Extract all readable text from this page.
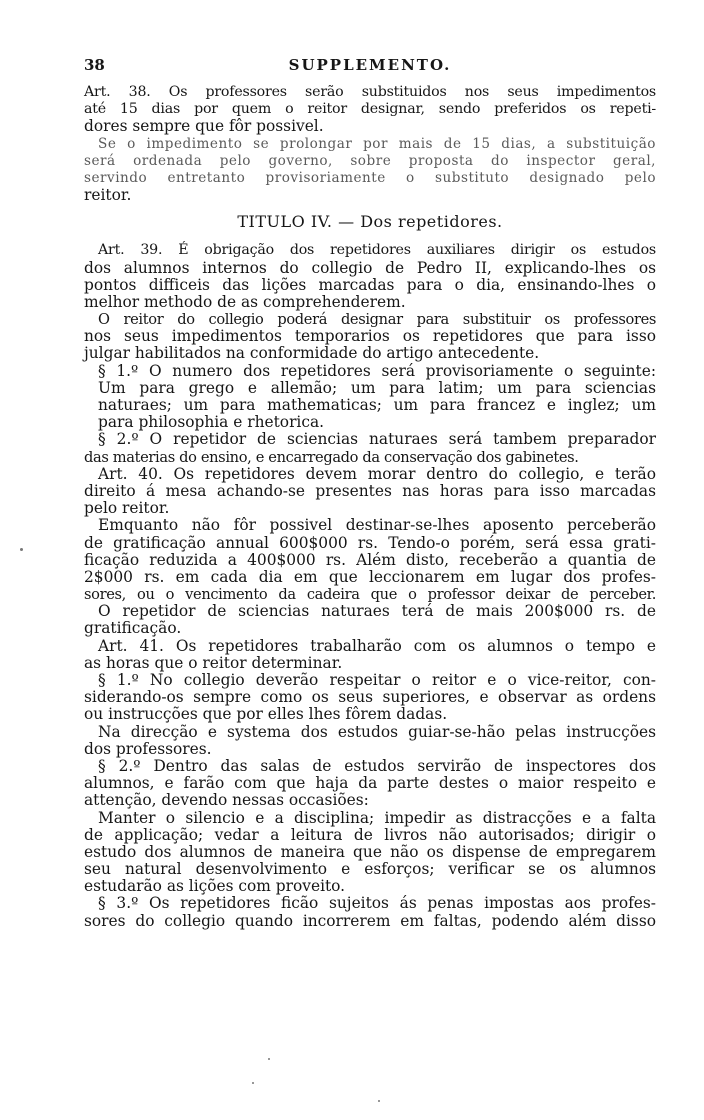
38	SUPPLEMENTO.
Art. 38. Os professores serão substituidos nos seus impedimentos
até 15 dias por quem o reitor designar, sendo preferidos os repeti-
dores sempre que fôr possivel.
Se o impedimento se prolongar por mais de 15 dias, a substituição
será ordenada pelo governo, sobre proposta do inspector geral,
servindo entretanto provisoriamente o substituto designado pelo
reitor.
TITULO IV. — Dos repetidores.
Art. 39. É obrigação dos repetidores auxiliares dirigir os estudos
dos alumnos internos do collegio de Pedro II, explicando-lhes os
pontos difficeis das lições marcadas para o dia, ensinando-lhes o
melhor methodo de as comprehenderem.
O reitor do collegio poderá designar para substituir os professores
nos seus impedimentos temporarios os repetidores que para isso
julgar habilitados na conformidade do artigo antecedente.
§ 1.º O numero dos repetidores será provisoriamente o seguinte:
Um para grego e allemão; um para latim; um para sciencias
naturaes; um para mathematicas; um para francez e inglez; um
para philosophia e rhetorica.
§ 2.º O repetidor de sciencias naturaes será tambem preparador
das materias do ensino, e encarregado da conservação dos gabinetes.
Art. 40. Os repetidores devem morar dentro do collegio, e terão
direito á mesa achando-se presentes nas horas para isso marcadas
pelo reitor.
Emquanto não fôr possivel destinar-se-lhes aposento perceberão
de gratificação annual 600$000 rs. Tendo-o porém, será essa grati-
ficação reduzida a 400$000 rs. Além disto, receberão a quantia de
2$000 rs. em cada dia em que leccionarem em lugar dos profes-
sores, ou o vencimento da cadeira que o professor deixar de perceber.
O repetidor de sciencias naturaes terá de mais 200$000 rs. de
gratificação.
Art. 41. Os repetidores trabalharão com os alumnos o tempo e
as horas que o reitor determinar.
§ 1.º No collegio deverão respeitar o reitor e o vice-reitor, con-
siderando-os sempre como os seus superiores, e observar as ordens
ou instrucções que por elles lhes fôrem dadas.
Na direcção e systema dos estudos guiar-se-hão pelas instrucções
dos professores.
§ 2.º Dentro das salas de estudos servirão de inspectores dos
alumnos, e farão com que haja da parte destes o maior respeito e
attenção, devendo nessas occasiões:
Manter o silencio e a disciplina; impedir as distracções e a falta
de applicação; vedar a leitura de livros não autorisados; dirigir o
estudo dos alumnos de maneira que não os dispense de empregarem
seu natural desenvolvimento e esforços; verificar se os alumnos
estudarão as lições com proveito.
§ 3.º Os repetidores ficão sujeitos ás penas impostas aos profes-
sores do collegio quando incorrerem em faltas, podendo além disso
